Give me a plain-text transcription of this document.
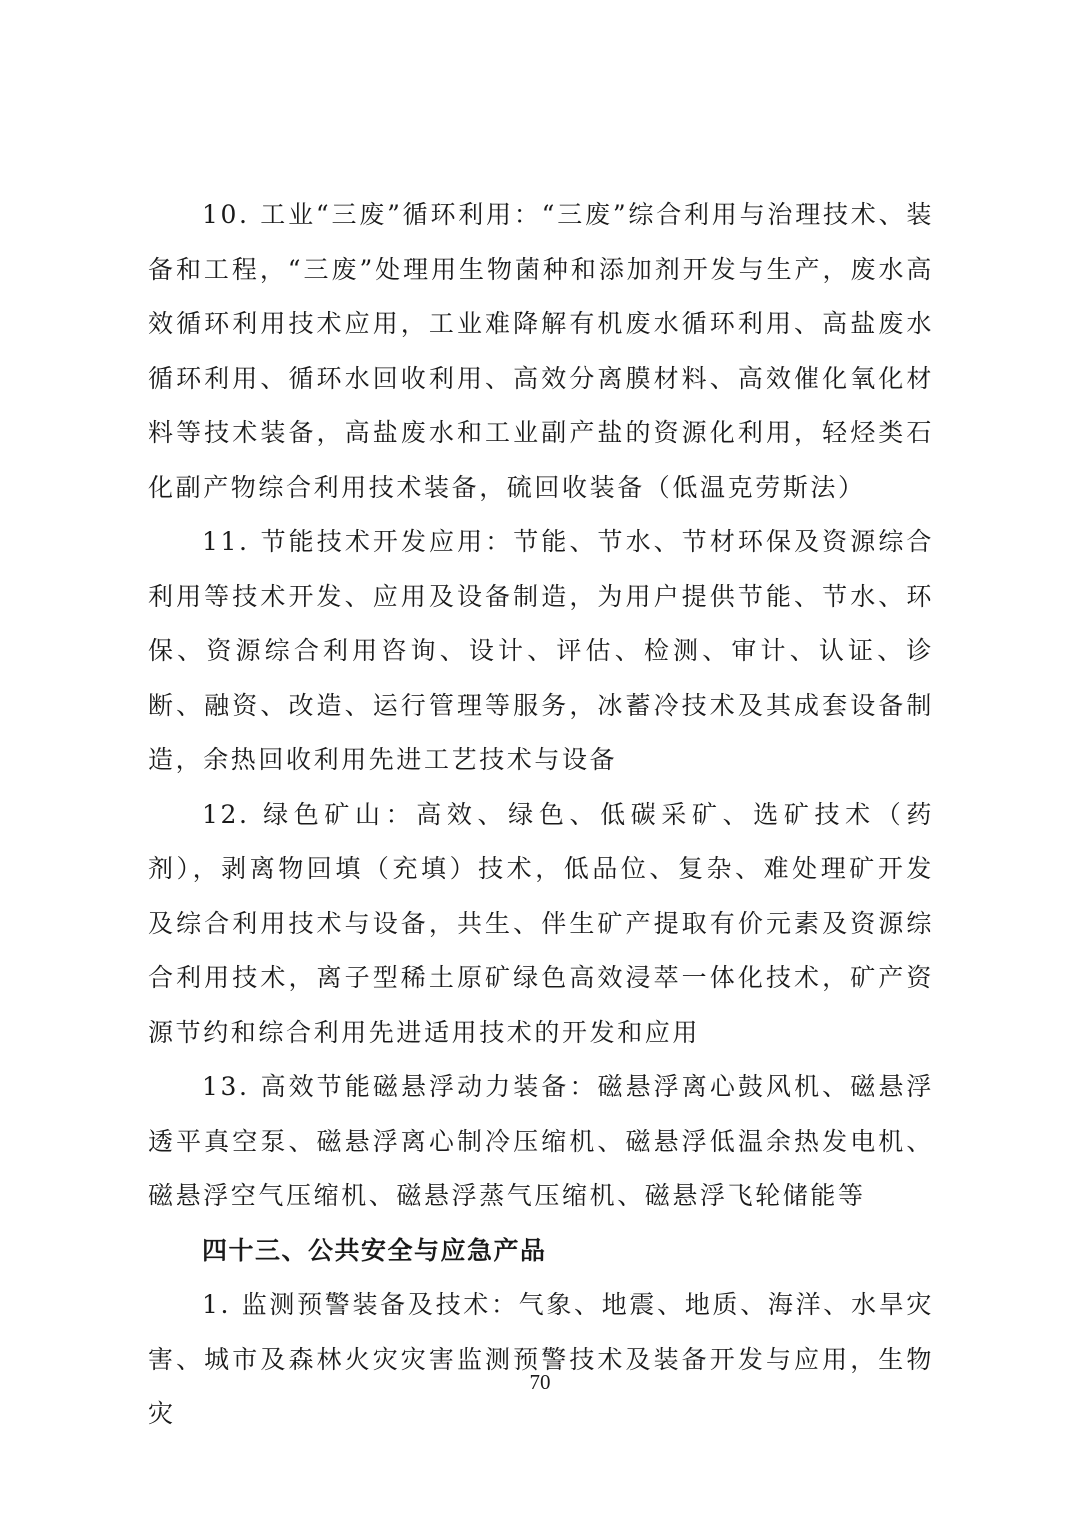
10. 工业“三废”循环利用：“三废”综合利用与治理技术、装备和工程，“三废”处理用生物菌种和添加剂开发与生产，废水高效循环利用技术应用，工业难降解有机废水循环利用、高盐废水循环利用、循环水回收利用、高效分离膜材料、高效催化氧化材料等技术装备，高盐废水和工业副产盐的资源化利用，轻烃类石化副产物综合利用技术装备，硫回收装备（低温克劳斯法）

11. 节能技术开发应用：节能、节水、节材环保及资源综合利用等技术开发、应用及设备制造，为用户提供节能、节水、环保、资源综合利用咨询、设计、评估、检测、审计、认证、诊断、融资、改造、运行管理等服务，冰蓄冷技术及其成套设备制造，余热回收利用先进工艺技术与设备

12. 绿色矿山：高效、绿色、低碳采矿、选矿技术（药剂），剥离物回填（充填）技术，低品位、复杂、难处理矿开发及综合利用技术与设备，共生、伴生矿产提取有价元素及资源综合利用技术，离子型稀土原矿绿色高效浸萃一体化技术，矿产资源节约和综合利用先进适用技术的开发和应用

13. 高效节能磁悬浮动力装备：磁悬浮离心鼓风机、磁悬浮透平真空泵、磁悬浮离心制冷压缩机、磁悬浮低温余热发电机、磁悬浮空气压缩机、磁悬浮蒸气压缩机、磁悬浮飞轮储能等

四十三、公共安全与应急产品

1. 监测预警装备及技术：气象、地震、地质、海洋、水旱灾害、城市及森林火灾灾害监测预警技术及装备开发与应用，生物灾

70
